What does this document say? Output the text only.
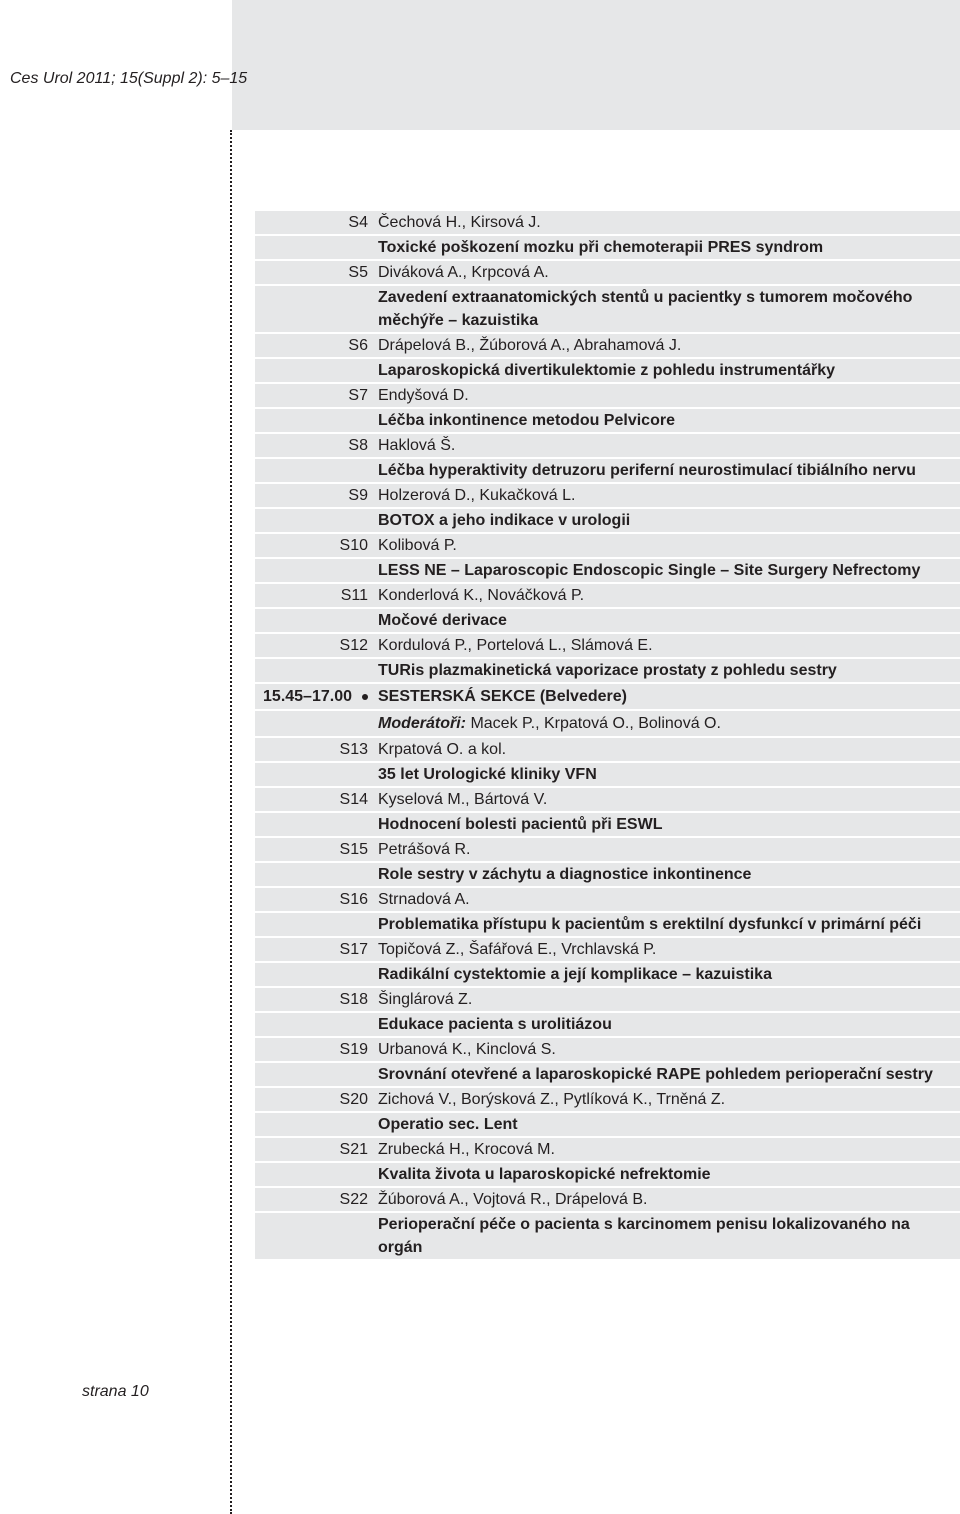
Ces Urol 2011; 15(Suppl 2): 5–15
S4 Čechová H., Kirsová J.
Toxické poškození mozku při chemoterapii PRES syndrom
S5 Diváková A., Krpcová A.
Zavedení extraanatomických stentů u pacientky s tumorem močového měchýře – kazuistika
S6 Drápelová B., Žúborová A., Abrahamová J.
Laparoskopická divertikulektomie z pohledu instrumentářky
S7 Endyšová D.
Léčba inkontinence metodou Pelvicore
S8 Haklová Š.
Léčba hyperaktivity detruzoru periferní neurostimulací tibiálního nervu
S9 Holzerová D., Kukačková L.
BOTOX a jeho indikace v urologii
S10 Kolibová P.
LESS NE – Laparoscopic Endoscopic Single – Site Surgery Nefrectomy
S11 Konderlová K., Nováčková P.
Močové derivace
S12 Kordulová P., Portelová L., Slámová E.
TURis plazmakinetická vaporizace prostaty z pohledu sestry
15.45–17.00 SESTERSKÁ SEKCE (Belvedere)
Moderátoři: Macek P., Krpatová O., Bolinová O.
S13 Krpatová O. a kol.
35 let Urologické kliniky VFN
S14 Kyselová M., Bártová V.
Hodnocení bolesti pacientů při ESWL
S15 Petrášová R.
Role sestry v záchytu a diagnostice inkontinence
S16 Strnadová A.
Problematika přístupu k pacientům s erektilní dysfunkcí v primární péči
S17 Topičová Z., Šafářová E., Vrchlavská P.
Radikální cystektomie a její komplikace – kazuistika
S18 Šinglárová Z.
Edukace pacienta s urolitiázou
S19 Urbanová K., Kinclová S.
Srovnání otevřené a laparoskopické RAPE pohledem perioperační sestry
S20 Zichová V., Borýsková Z., Pytlíková K., Trněná Z.
Operatio sec. Lent
S21 Zrubecká H., Krocová M.
Kvalita života u laparoskopické nefrektomie
S22 Žúborová A., Vojtová R., Drápelová B.
Perioperační péče o pacienta s karcinomem penisu lokalizovaného na orgán
strana 10
